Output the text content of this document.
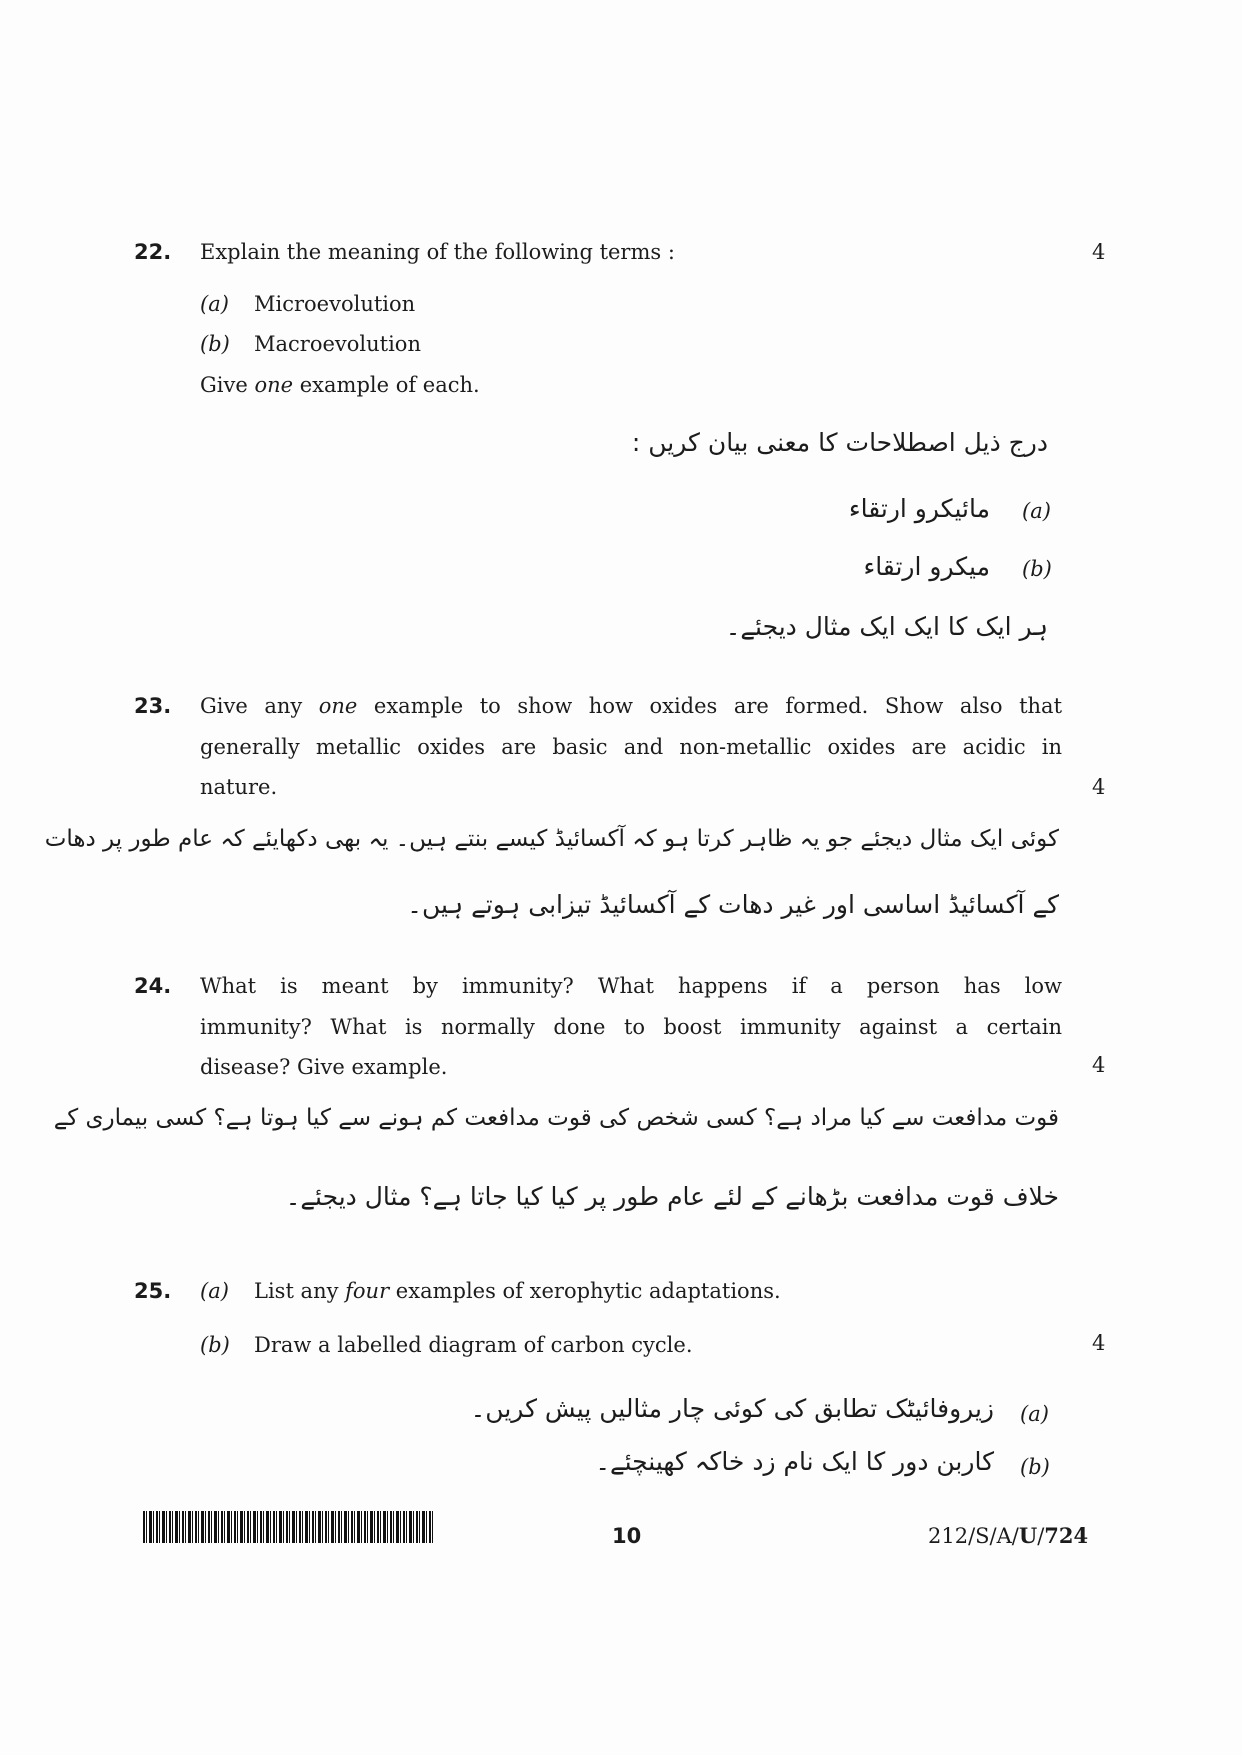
22. Explain the meaning of the following terms :	4
(a) Microevolution
(b) Macroevolution
Give one example of each.
درج ذیل اصطلاحات کا معنی بیان کریں :
مائیکرو ارتقاء (a)
میکرو ارتقاء (b)
ہر ایک کا ایک ایک مثال دیجئے۔
23. Give any one example to show how oxides are formed. Show also that
generally metallic oxides are basic and non-metallic oxides are acidic in
nature.	4
کوئی ایک مثال دیجئے جو یہ ظاہر کرتا ہو کہ آکسائیڈ کیسے بنتے ہیں۔ یہ بھی دکھایئے کہ عام طور پر دھات
کے آکسائیڈ اساسی اور غیر دھات کے آکسائیڈ تیزابی ہوتے ہیں۔
24. What is meant by immunity? What happens if a person has low
immunity? What is normally done to boost immunity against a certain
disease? Give example.	4
قوت مدافعت سے کیا مراد ہے؟ کسی شخص کی قوت مدافعت کم ہونے سے کیا ہوتا ہے؟ کسی بیماری کے
خلاف قوت مدافعت بڑھانے کے لئے عام طور پر کیا کیا جاتا ہے؟ مثال دیجئے۔
25. (a) List any four examples of xerophytic adaptations.
(b) Draw a labelled diagram of carbon cycle.	4
زیروفائیٹک تطابق کی کوئی چار مثالیں پیش کریں۔ (a)
کاربن دور کا ایک نام زد خاکہ کھینچئے۔ (b)
10	212/S/A/U/724
